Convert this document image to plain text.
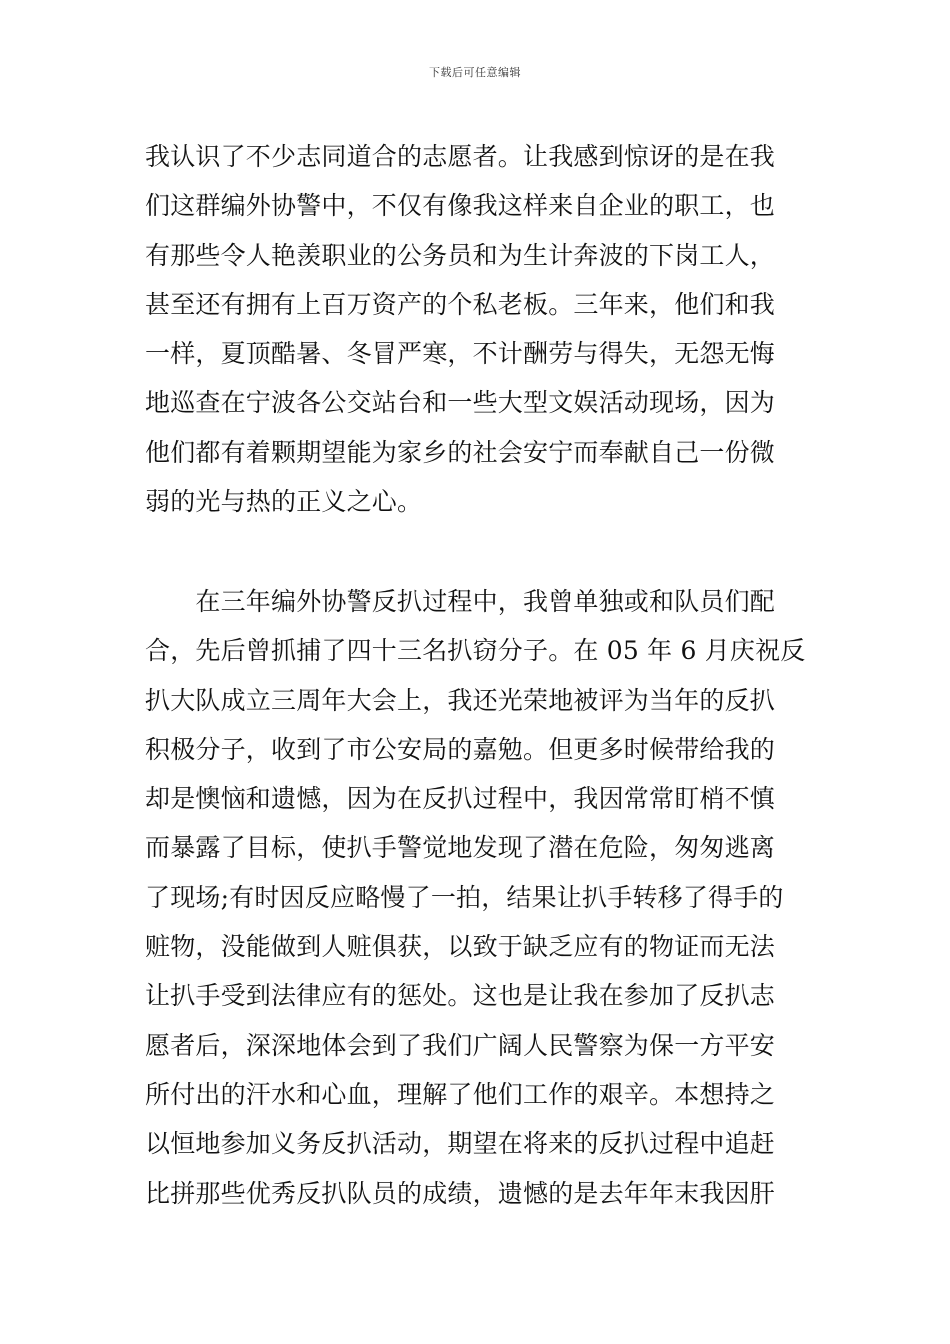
下载后可任意编辑
我认识了不少志同道合的志愿者。让我感到惊讶的是在我
们这群编外协警中，不仅有像我这样来自企业的职工，也
有那些令人艳羡职业的公务员和为生计奔波的下岗工人，
甚至还有拥有上百万资产的个私老板。三年来，他们和我
一样，夏顶酷暑、冬冒严寒，不计酬劳与得失，无怨无悔
地巡查在宁波各公交站台和一些大型文娱活动现场，因为
他们都有着颗期望能为家乡的社会安宁而奉献自己一份微
弱的光与热的正义之心。
　　在三年编外协警反扒过程中，我曾单独或和队员们配
合，先后曾抓捕了四十三名扒窃分子。在 05 年 6 月庆祝反
扒大队成立三周年大会上，我还光荣地被评为当年的反扒
积极分子，收到了市公安局的嘉勉。但更多时候带给我的
却是懊恼和遗憾，因为在反扒过程中，我因常常盯梢不慎
而暴露了目标，使扒手警觉地发现了潜在危险，匆匆逃离
了现场;有时因反应略慢了一拍，结果让扒手转移了得手的
赃物，没能做到人赃俱获，以致于缺乏应有的物证而无法
让扒手受到法律应有的惩处。这也是让我在参加了反扒志
愿者后，深深地体会到了我们广阔人民警察为保一方平安
所付出的汗水和心血，理解了他们工作的艰辛。本想持之
以恒地参加义务反扒活动，期望在将来的反扒过程中追赶
比拼那些优秀反扒队员的成绩，遗憾的是去年年末我因肝
